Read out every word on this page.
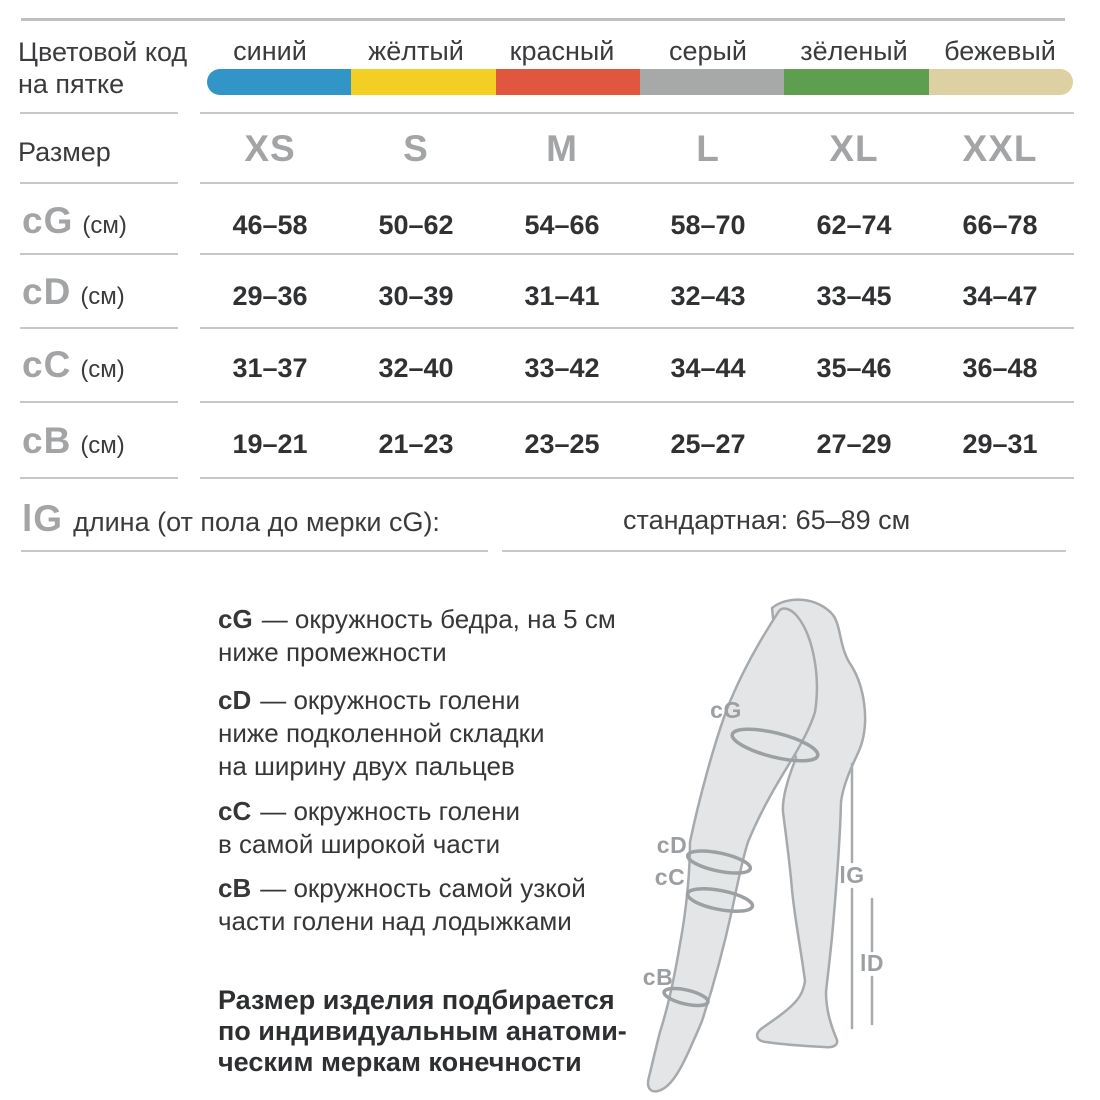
Цветовой код на пятке
синий	жёлтый	красный	серый	зёленый	бежевый
Размер	XS	S	M	L	XL	XXL
cG (см)	46–58	50–62	54–66	58–70	62–74	66–78
cD (см)	29–36	30–39	31–41	32–43	33–45	34–47
cC (см)	31–37	32–40	33–42	34–44	35–46	36–48
cB (см)	19–21	21–23	23–25	25–27	27–29	29–31
lG длина (от пола до мерки cG):	стандартная: 65–89 см
cG — окружность бедра, на 5 см
ниже промежности
cD — окружность голени
ниже подколенной складки
на ширину двух пальцев
cC — окружность голени
в самой широкой части
cB — окружность самой узкой
части голени над лодыжками
Размер изделия подбирается
по индивидуальным анатоми-
ческим меркам конечности
cG
cD
cC
cB
lG
lD
